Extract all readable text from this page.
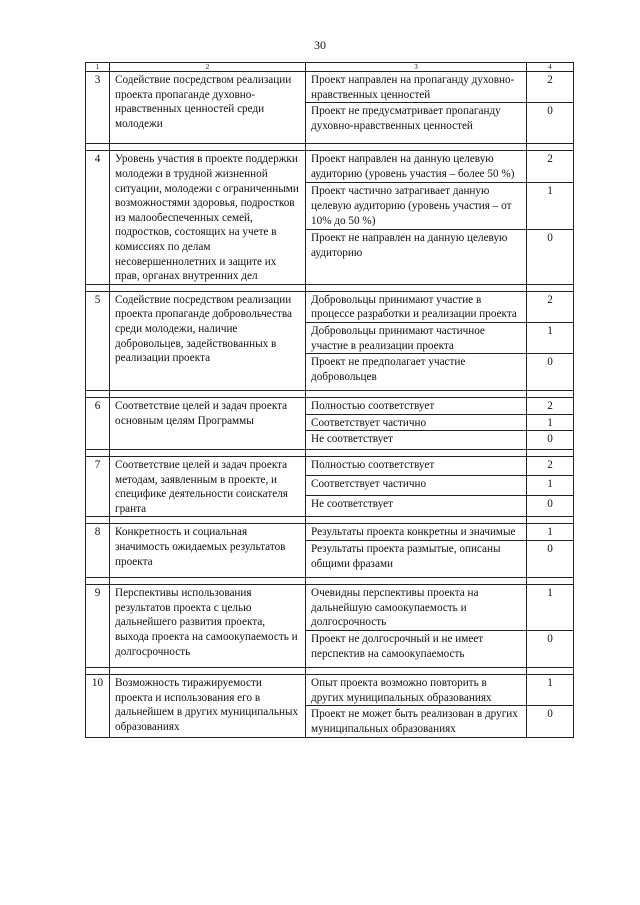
30
1	2	3	4
3	Содействие посредством реализации проекта пропаганде духовно-нравственных ценностей среди молодежи	Проект направлен на пропаганду духовно-нравственных ценностей	2
		Проект не предусматривает пропаганду духовно-нравственных ценностей	0

4	Уровень участия в проекте поддержки молодежи в трудной жизненной ситуации, молодежи с ограниченными возможностями здоровья, подростков из малообеспеченных семей, подростков, состоящих на учете в комиссиях по делам несовершеннолетних и защите их прав, органах внутренних дел	Проект направлен на данную целевую аудиторию (уровень участия – более 50 %)	2
		Проект частично затрагивает данную целевую аудиторию (уровень участия – от 10% до 50 %)	1
		Проект не направлен на данную целевую аудиторию	0

5	Содействие посредством реализации проекта пропаганде добровольчества среди молодежи, наличие добровольцев, задействованных в реализации проекта	Добровольцы принимают участие в процессе разработки и реализации проекта	2
		Добровольцы принимают частичное участие в реализации проекта	1
		Проект не предполагает участие добровольцев	0

6	Соответствие целей и задач проекта основным целям Программы	Полностью соответствует	2
		Соответствует частично	1
		Не соответствует	0

7	Соответствие целей и задач проекта методам, заявленным в проекте, и специфике деятельности соискателя гранта	Полностью соответствует	2
		Соответствует частично	1
		Не соответствует	0

8	Конкретность и социальная значимость ожидаемых результатов проекта	Результаты проекта конкретны и значимые	1
		Результаты проекта размытые, описаны общими фразами	0

9	Перспективы использования результатов проекта с целью дальнейшего развития проекта, выхода проекта на самоокупаемость и долгосрочность	Очевидны перспективы проекта на дальнейшую самоокупаемость и долгосрочность	1
		Проект не долгосрочный и не имеет перспектив на самоокупаемость	0

10	Возможность тиражируемости проекта и использования его в дальнейшем в других муниципальных образованиях	Опыт проекта возможно повторить в других муниципальных образованиях	1
		Проект не может быть реализован в других муниципальных образованиях	0
